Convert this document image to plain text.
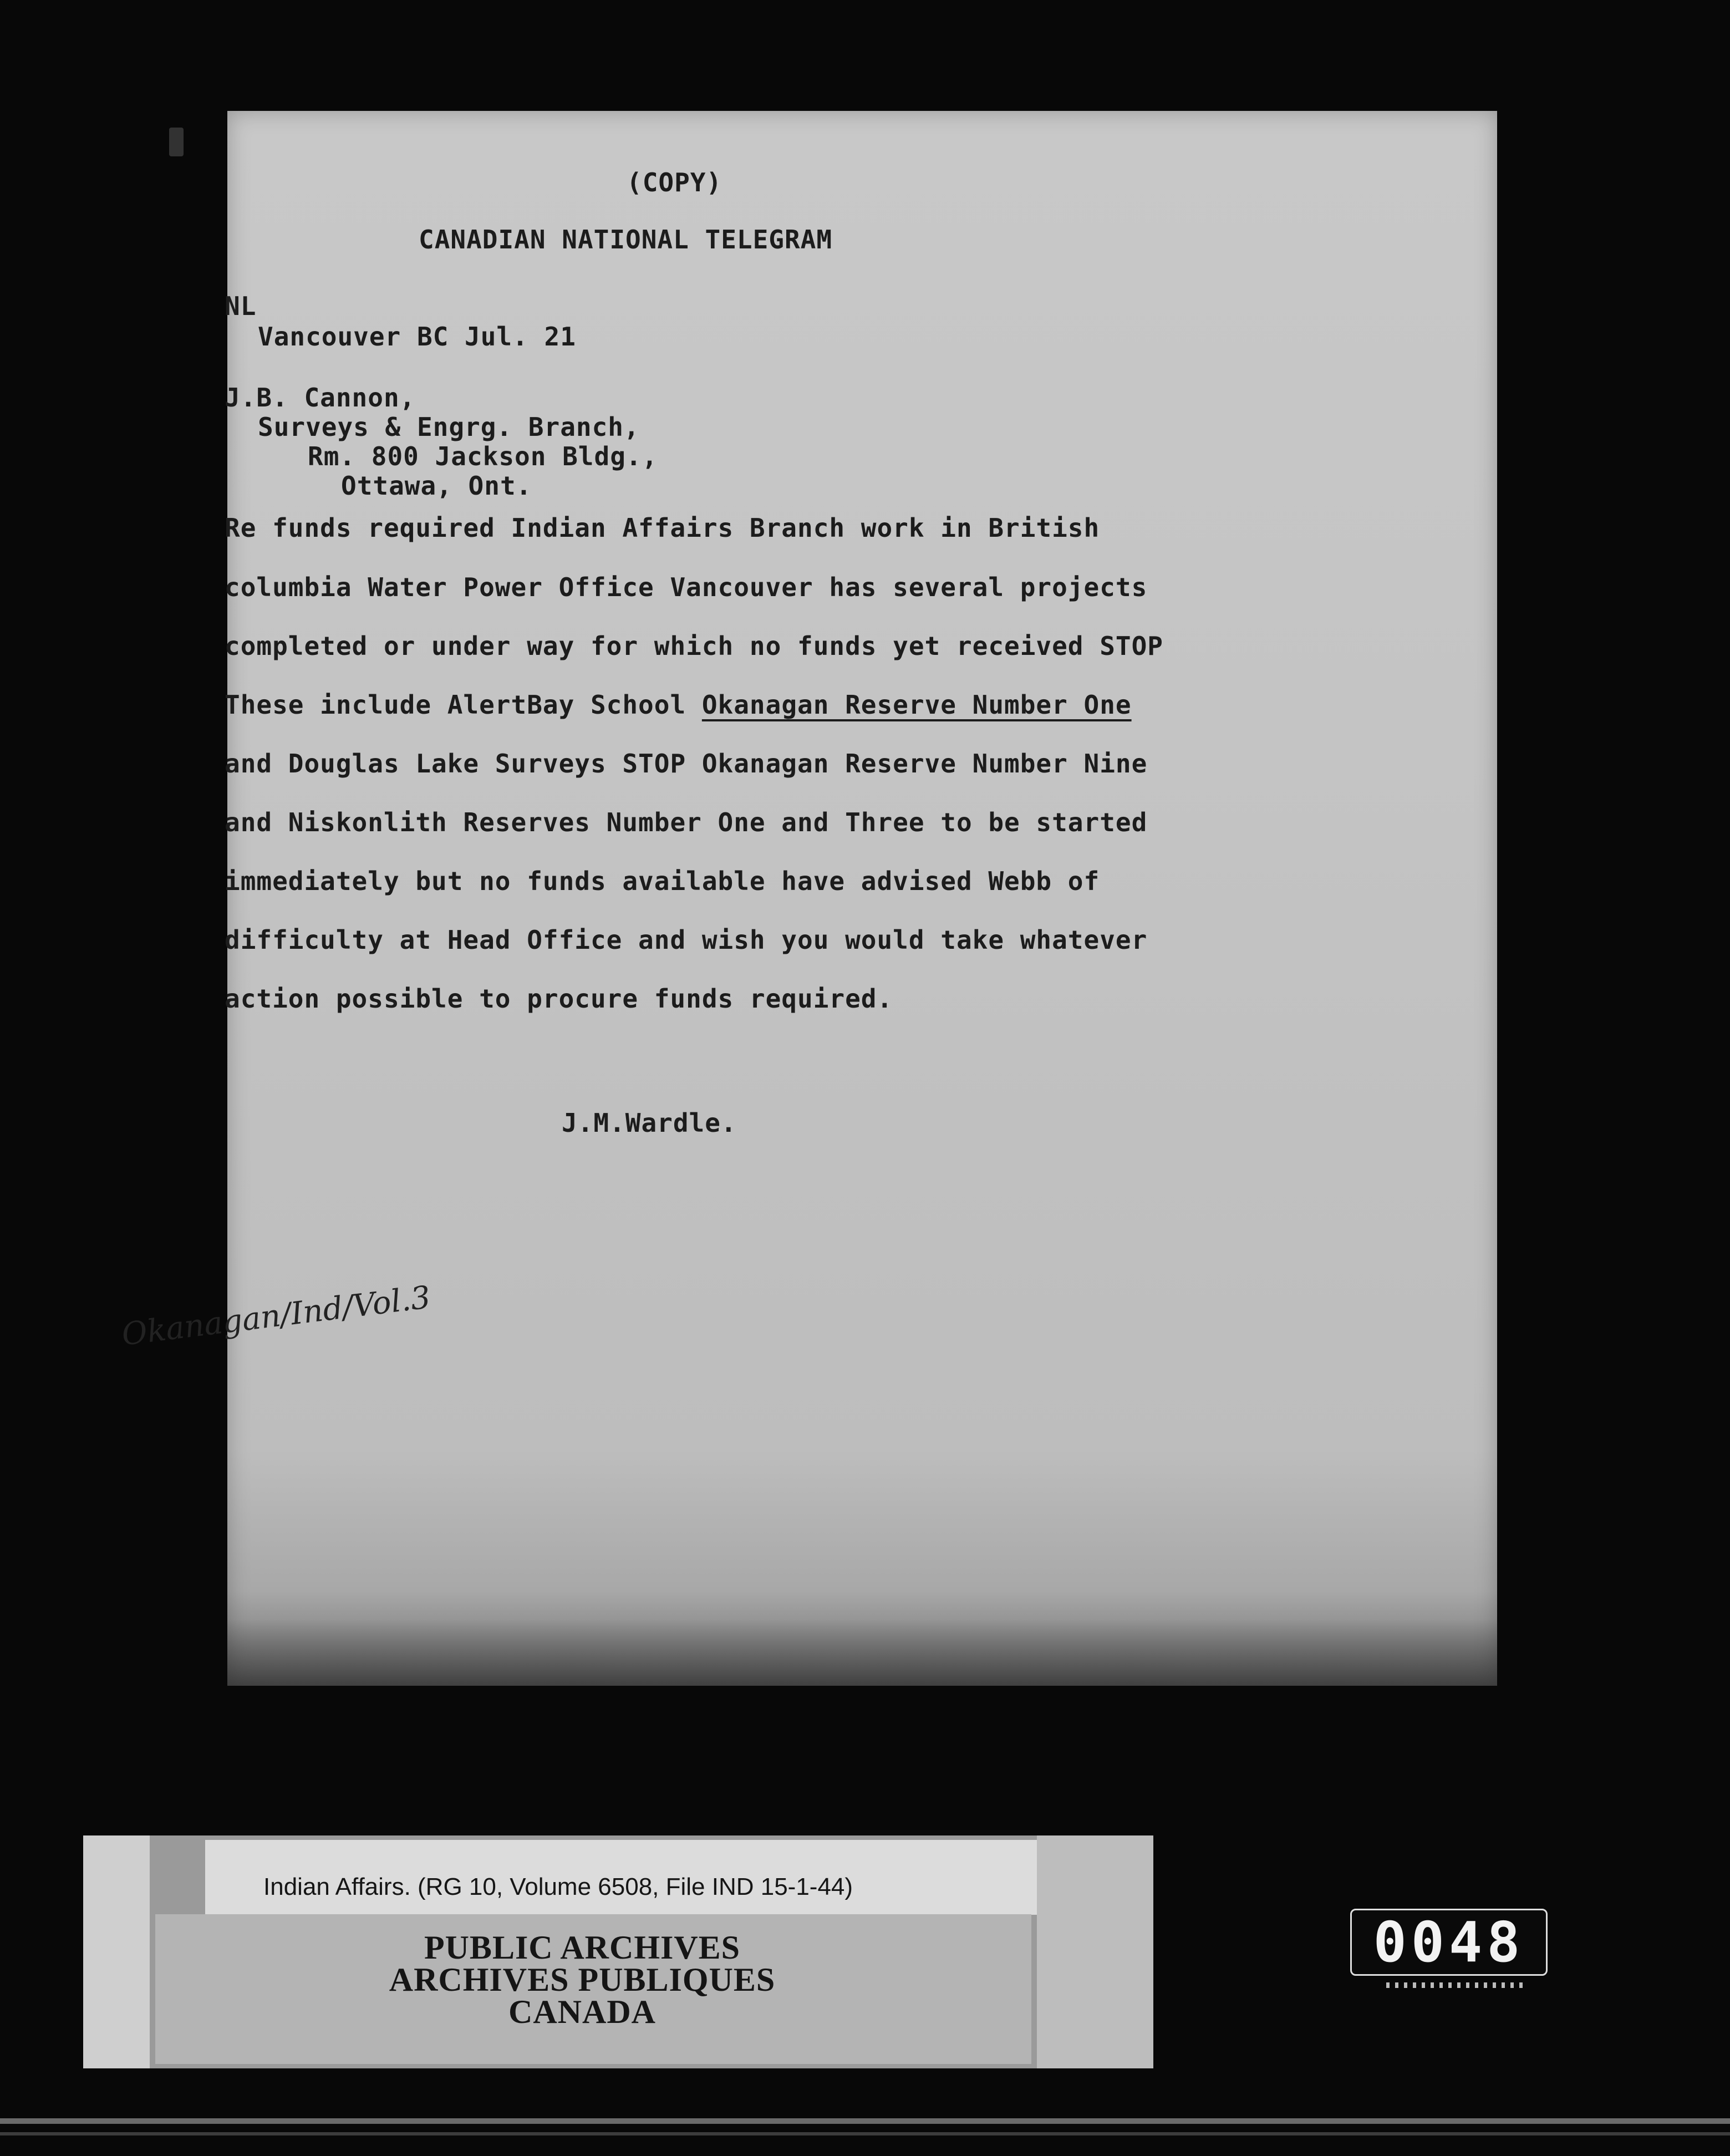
(COPY)
CANADIAN NATIONAL TELEGRAM
NL
Vancouver BC Jul. 21
J.B. Cannon,
Surveys & Engrg. Branch,
Rm. 800 Jackson Bldg.,
Ottawa, Ont.
Re funds required Indian Affairs Branch work in British
columbia Water Power Office Vancouver has several projects
completed or under way for which no funds yet received STOP
These include AlertBay School Okanagan Reserve Number One
and Douglas Lake Surveys STOP Okanagan Reserve Number Nine
and Niskonlith Reserves Number One and Three to be started
immediately but no funds available have advised Webb of
difficulty at Head Office and wish you would take whatever
action possible to procure funds required.
J.M.Wardle.
Okanagan/Ind/Vol.3
Indian Affairs. (RG 10, Volume 6508, File IND 15-1-44)
PUBLIC ARCHIVES
ARCHIVES PUBLIQUES
CANADA
0048
